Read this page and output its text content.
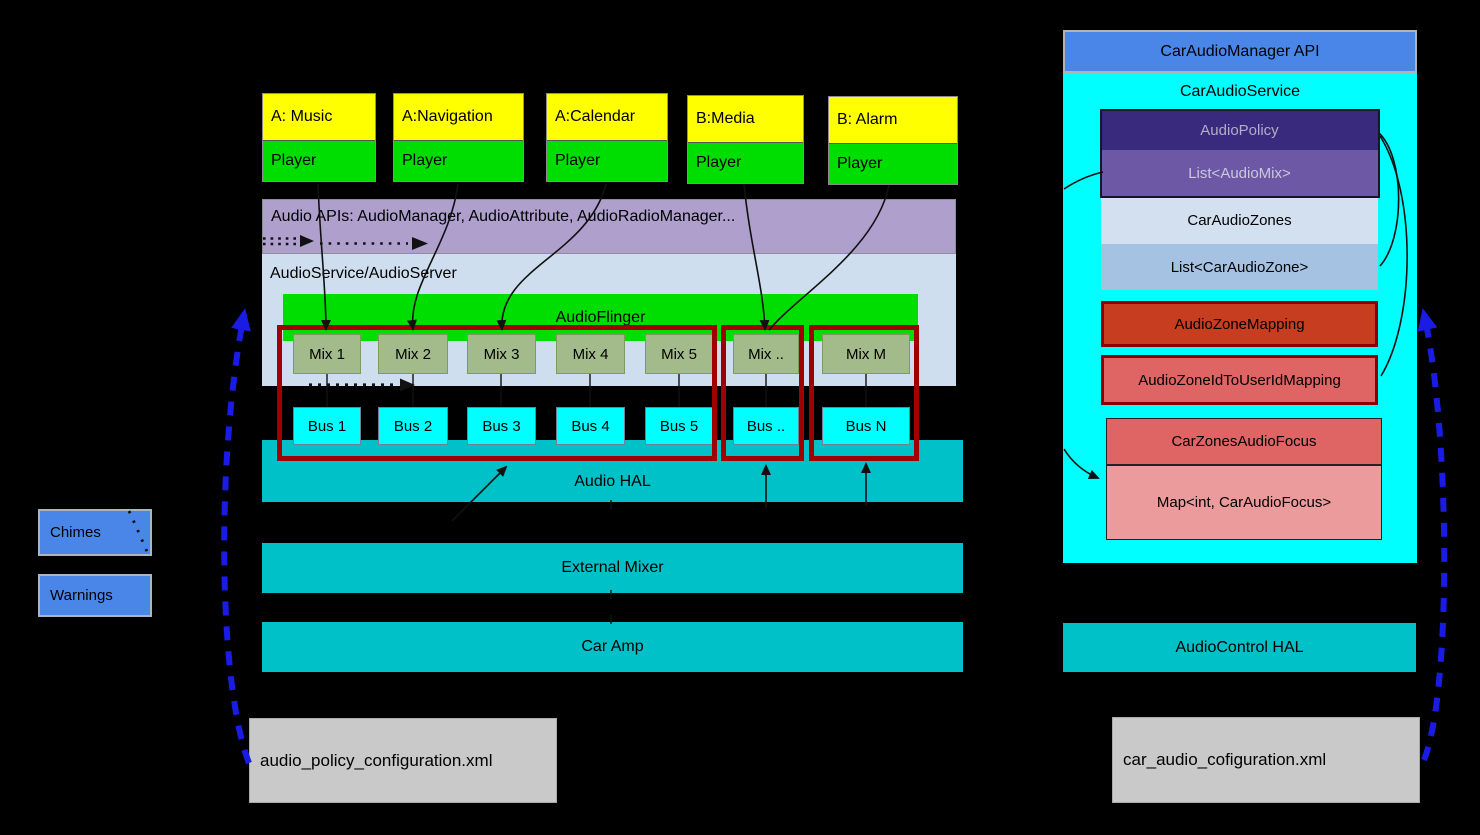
Audio APIs: AudioManager, AudioAttribute, AudioRadioManager...
AudioService/AudioServer
AudioFlinger
Mix 1	Mix 2	Mix 3	Mix 4	Mix 5	Mix ..	Mix M
Bus 1	Bus 2	Bus 3	Bus 4	Bus 5	Bus ..	Bus N
Audio HAL
External Mixer
Car Amp
A: Music
Player
A:Navigation
Player
A:Calendar
Player
B:Media
Player
B: Alarm
Player
Chimes
Warnings
audio_policy_configuration.xml	car_audio_cofiguration.xml
CarAudioManager API
CarAudioService
AudioPolicy
List<AudioMix>
CarAudioZones
List<CarAudioZone>
AudioZoneMapping
AudioZoneIdToUserIdMapping
CarZonesAudioFocus
Map<int, CarAudioFocus>
AudioControl HAL
